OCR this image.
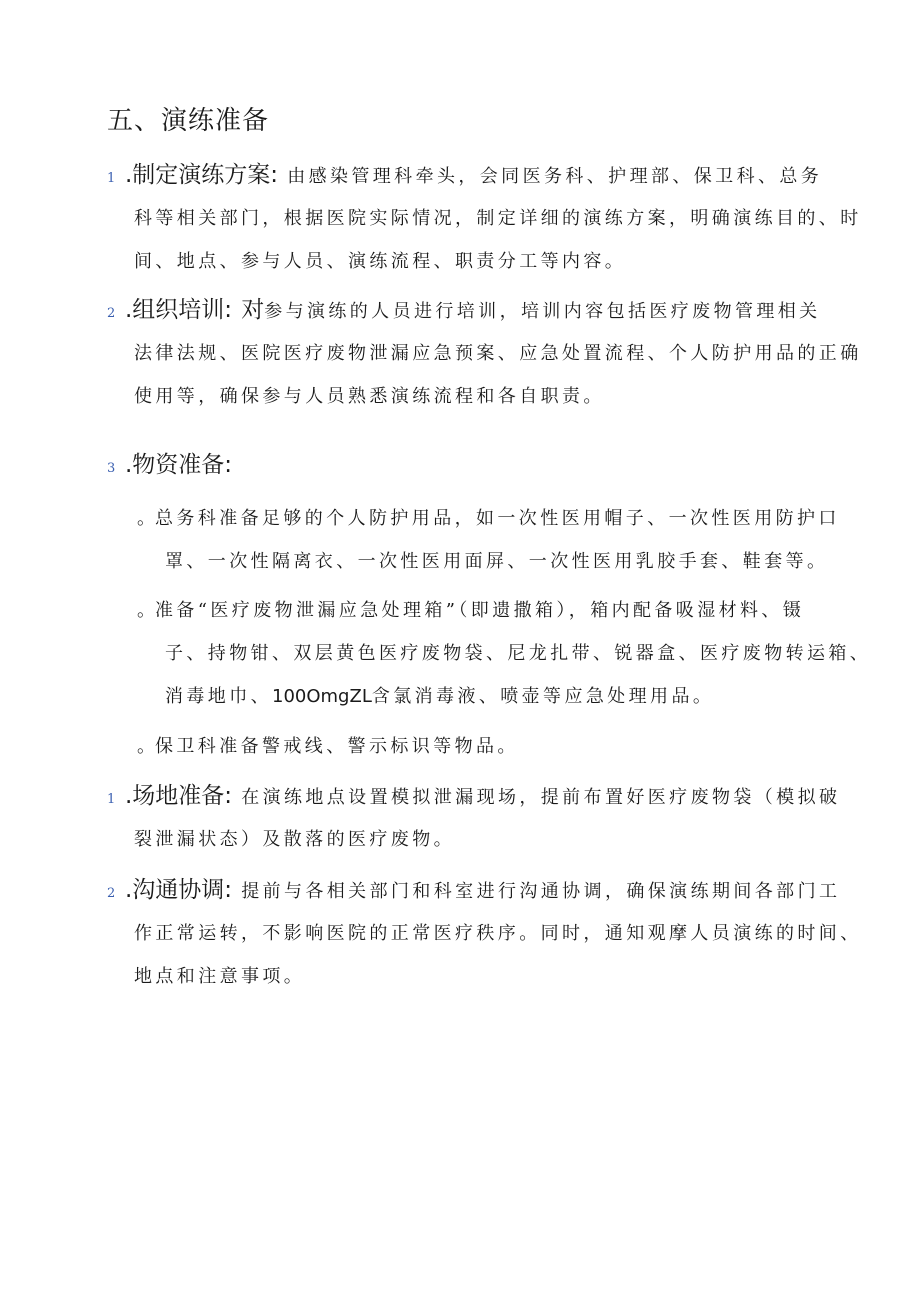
五、演练准备
1 .制定演练方案: 由感染管理科牵头，会同医务科、护理部、保卫科、总务
科等相关部门，根据医院实际情况，制定详细的演练方案，明确演练目的、时
间、地点、参与人员、演练流程、职责分工等内容。
2 .组织培训: 对参与演练的人员进行培训，培训内容包括医疗废物管理相关
法律法规、医院医疗废物泄漏应急预案、应急处置流程、个人防护用品的正确
使用等，确保参与人员熟悉演练流程和各自职责。
3 .物资准备:
。总务科准备足够的个人防护用品，如一次性医用帽子、一次性医用防护口
罩、一次性隔离衣、一次性医用面屏、一次性医用乳胶手套、鞋套等。
。准备“医疗废物泄漏应急处理箱”（即遗撒箱），箱内配备吸湿材料、镊
子、持物钳、双层黄色医疗废物袋、尼龙扎带、锐器盒、医疗废物转运箱、
消毒地巾、100OmgZL含氯消毒液、喷壶等应急处理用品。
。保卫科准备警戒线、警示标识等物品。
1 .场地准备: 在演练地点设置模拟泄漏现场，提前布置好医疗废物袋（模拟破
裂泄漏状态）及散落的医疗废物。
2 .沟通协调: 提前与各相关部门和科室进行沟通协调，确保演练期间各部门工
作正常运转，不影响医院的正常医疗秩序。同时，通知观摩人员演练的时间、
地点和注意事项。
